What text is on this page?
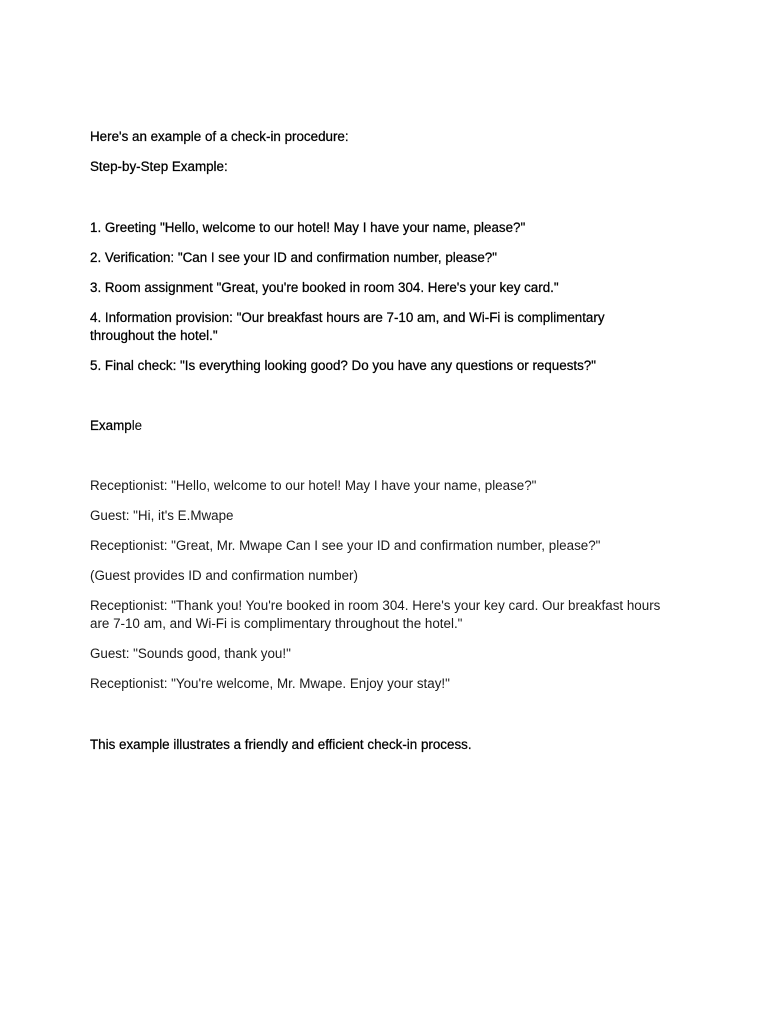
Here's an example of a check-in procedure:
Step-by-Step Example:
1. Greeting "Hello, welcome to our hotel! May I have your name, please?"
2. Verification: "Can I see your ID and confirmation number, please?"
3. Room assignment "Great, you're booked in room 304. Here's your key card."
4. Information provision: "Our breakfast hours are 7-10 am, and Wi-Fi is complimentary throughout the hotel."
5. Final check: "Is everything looking good? Do you have any questions or requests?"
Example
Receptionist: "Hello, welcome to our hotel! May I have your name, please?"
Guest: "Hi, it's E.Mwape
Receptionist: "Great, Mr. Mwape Can I see your ID and confirmation number, please?"
(Guest provides ID and confirmation number)
Receptionist: "Thank you! You're booked in room 304. Here's your key card. Our breakfast hours are 7-10 am, and Wi-Fi is complimentary throughout the hotel."
Guest: "Sounds good, thank you!"
Receptionist: "You're welcome, Mr. Mwape. Enjoy your stay!"
This example illustrates a friendly and efficient check-in process.
